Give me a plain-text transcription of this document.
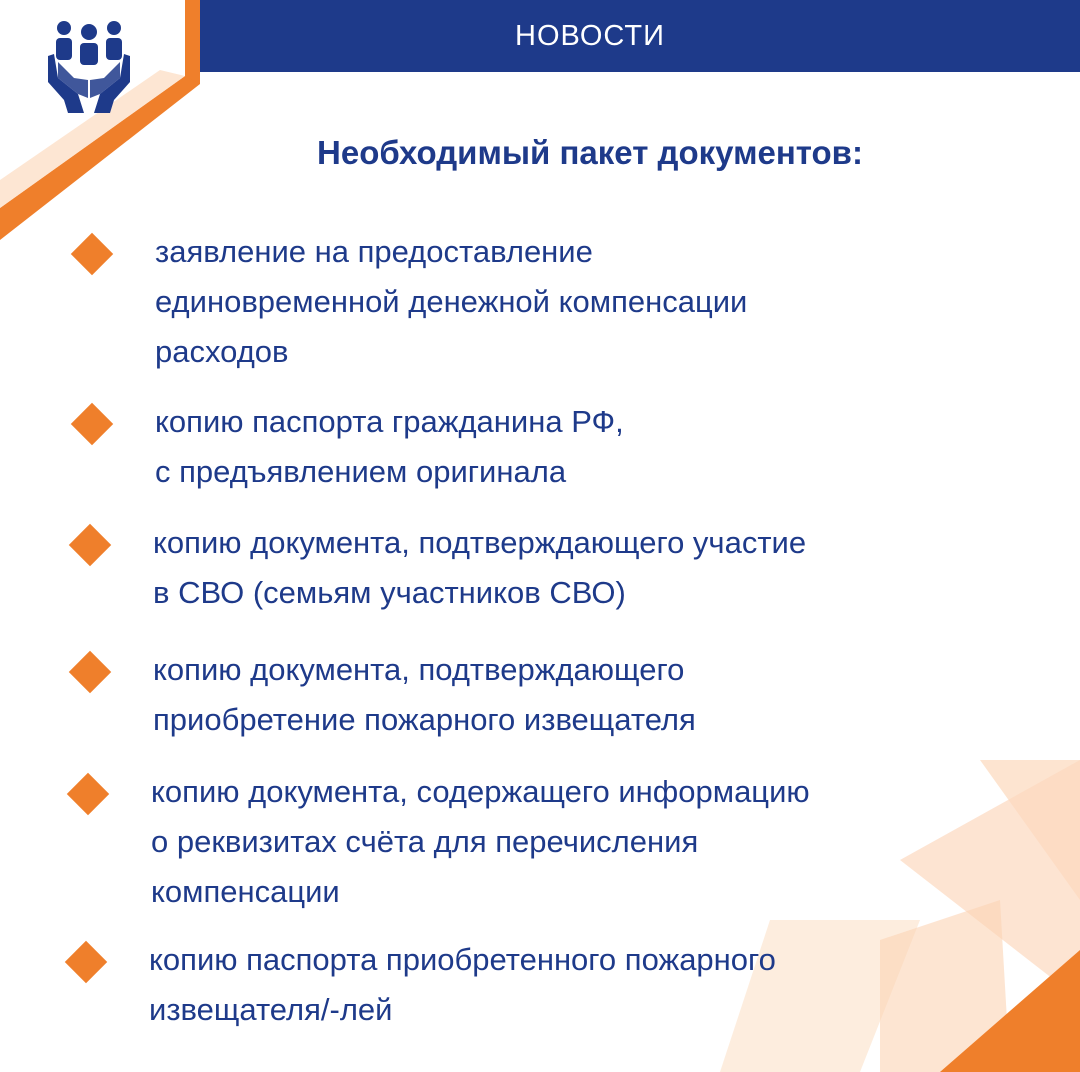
НОВОСТИ
Необходимый пакет документов:
заявление на предоставление
единовременной денежной компенсации
расходов
копию паспорта гражданина РФ,
с предъявлением оригинала
копию документа, подтверждающего участие
в СВО (семьям участников СВО)
копию документа, подтверждающего
приобретение пожарного извещателя
копию документа, содержащего информацию
о реквизитах счёта для перечисления
компенсации
копию паспорта приобретенного пожарного
извещателя/-лей
